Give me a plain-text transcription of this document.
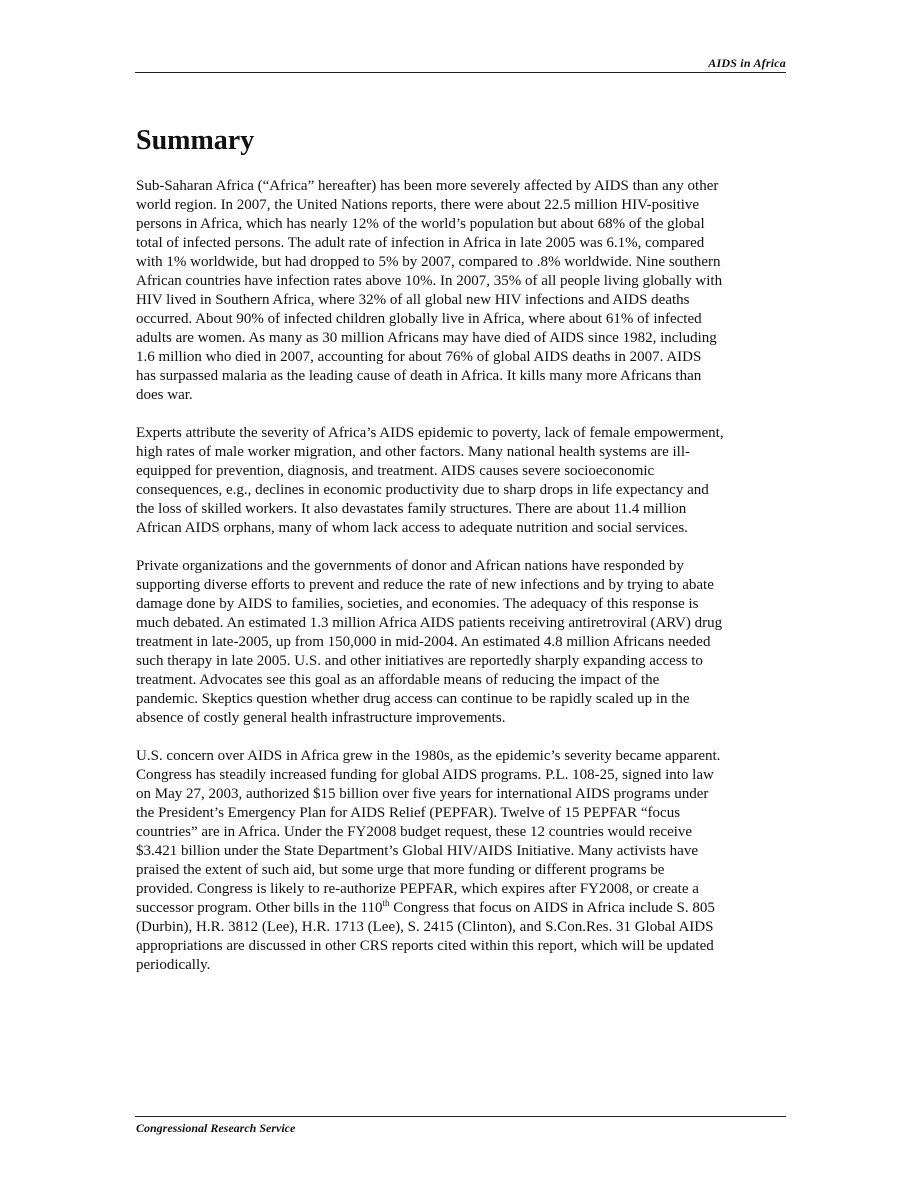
AIDS in Africa
Summary

Sub-Saharan Africa (“Africa” hereafter) has been more severely affected by AIDS than any other
world region. In 2007, the United Nations reports, there were about 22.5 million HIV-positive
persons in Africa, which has nearly 12% of the world’s population but about 68% of the global
total of infected persons. The adult rate of infection in Africa in late 2005 was 6.1%, compared
with 1% worldwide, but had dropped to 5% by 2007, compared to .8% worldwide. Nine southern
African countries have infection rates above 10%. In 2007, 35% of all people living globally with
HIV lived in Southern Africa, where 32% of all global new HIV infections and AIDS deaths
occurred. About 90% of infected children globally live in Africa, where about 61% of infected
adults are women. As many as 30 million Africans may have died of AIDS since 1982, including
1.6 million who died in 2007, accounting for about 76% of global AIDS deaths in 2007. AIDS
has surpassed malaria as the leading cause of death in Africa. It kills many more Africans than
does war.

Experts attribute the severity of Africa’s AIDS epidemic to poverty, lack of female empowerment,
high rates of male worker migration, and other factors. Many national health systems are ill-
equipped for prevention, diagnosis, and treatment. AIDS causes severe socioeconomic
consequences, e.g., declines in economic productivity due to sharp drops in life expectancy and
the loss of skilled workers. It also devastates family structures. There are about 11.4 million
African AIDS orphans, many of whom lack access to adequate nutrition and social services.

Private organizations and the governments of donor and African nations have responded by
supporting diverse efforts to prevent and reduce the rate of new infections and by trying to abate
damage done by AIDS to families, societies, and economies. The adequacy of this response is
much debated. An estimated 1.3 million Africa AIDS patients receiving antiretroviral (ARV) drug
treatment in late-2005, up from 150,000 in mid-2004. An estimated 4.8 million Africans needed
such therapy in late 2005. U.S. and other initiatives are reportedly sharply expanding access to
treatment. Advocates see this goal as an affordable means of reducing the impact of the
pandemic. Skeptics question whether drug access can continue to be rapidly scaled up in the
absence of costly general health infrastructure improvements.

U.S. concern over AIDS in Africa grew in the 1980s, as the epidemic’s severity became apparent.
Congress has steadily increased funding for global AIDS programs. P.L. 108-25, signed into law
on May 27, 2003, authorized $15 billion over five years for international AIDS programs under
the President’s Emergency Plan for AIDS Relief (PEPFAR). Twelve of 15 PEPFAR “focus
countries” are in Africa. Under the FY2008 budget request, these 12 countries would receive
$3.421 billion under the State Department’s Global HIV/AIDS Initiative. Many activists have
praised the extent of such aid, but some urge that more funding or different programs be
provided. Congress is likely to re-authorize PEPFAR, which expires after FY2008, or create a
successor program. Other bills in the 110th Congress that focus on AIDS in Africa include S. 805
(Durbin), H.R. 3812 (Lee), H.R. 1713 (Lee), S. 2415 (Clinton), and S.Con.Res. 31 Global AIDS
appropriations are discussed in other CRS reports cited within this report, which will be updated
periodically.

Congressional Research Service
